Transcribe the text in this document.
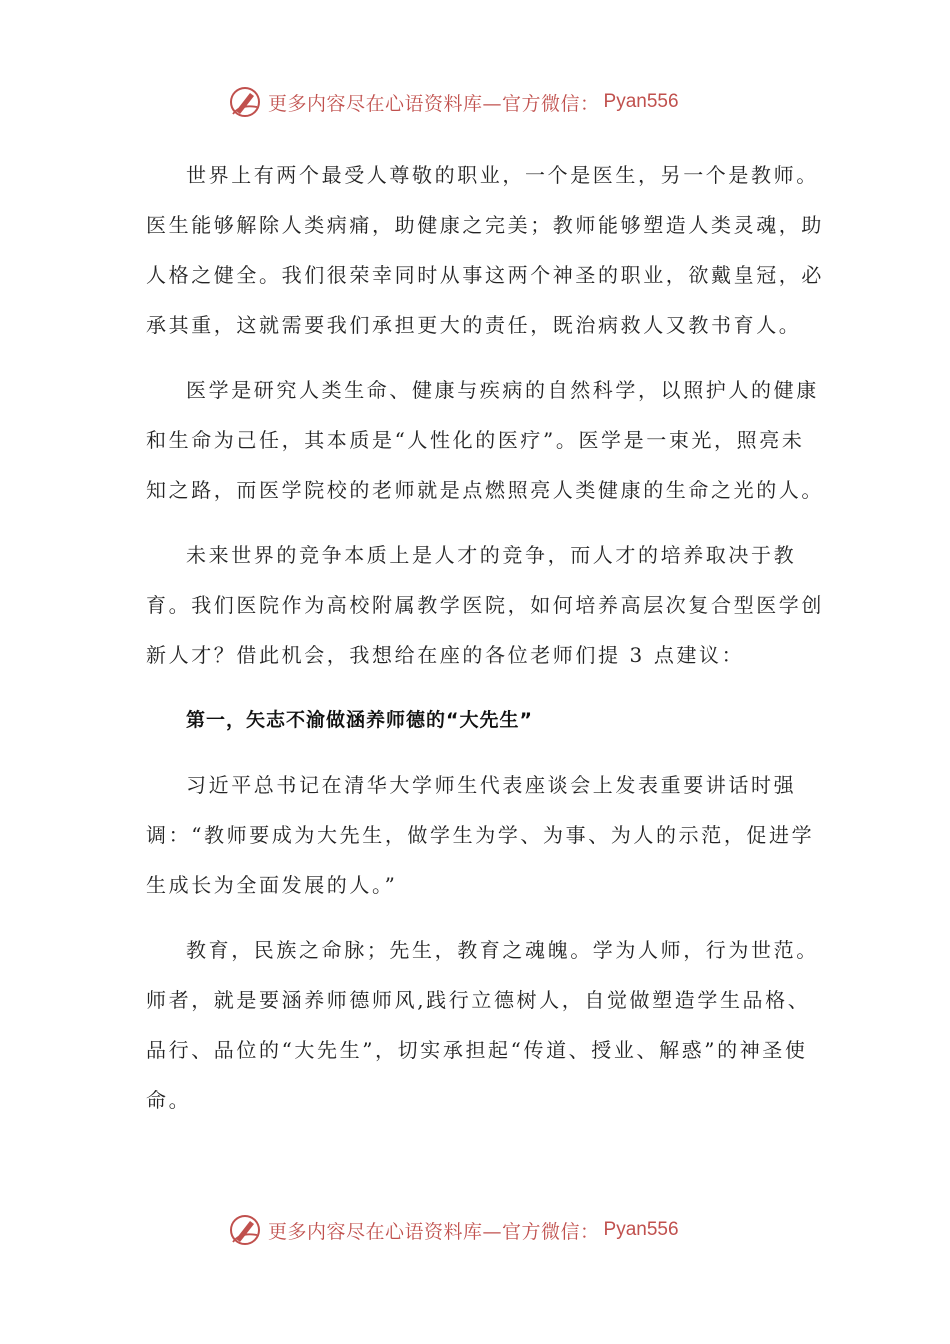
更多内容尽在心语资料库—官方微信： Pyan556

世界上有两个最受人尊敬的职业，一个是医生，另一个是教师。医生能够解除人类病痛，助健康之完美；教师能够塑造人类灵魂，助人格之健全。我们很荣幸同时从事这两个神圣的职业，欲戴皇冠，必承其重，这就需要我们承担更大的责任，既治病救人又教书育人。

医学是研究人类生命、健康与疾病的自然科学，以照护人的健康和生命为己任，其本质是“人性化的医疗”。医学是一束光，照亮未知之路，而医学院校的老师就是点燃照亮人类健康的生命之光的人。

未来世界的竞争本质上是人才的竞争，而人才的培养取决于教育。我们医院作为高校附属教学医院，如何培养高层次复合型医学创新人才？借此机会，我想给在座的各位老师们提 3 点建议：

第一，矢志不渝做涵养师德的“大先生”

习近平总书记在清华大学师生代表座谈会上发表重要讲话时强调：“教师要成为大先生，做学生为学、为事、为人的示范，促进学生成长为全面发展的人。”

教育，民族之命脉；先生，教育之魂魄。学为人师，行为世范。师者，就是要涵养师德师风,践行立德树人，自觉做塑造学生品格、品行、品位的“大先生”，切实承担起“传道、授业、解惑”的神圣使命。

更多内容尽在心语资料库—官方微信： Pyan556
